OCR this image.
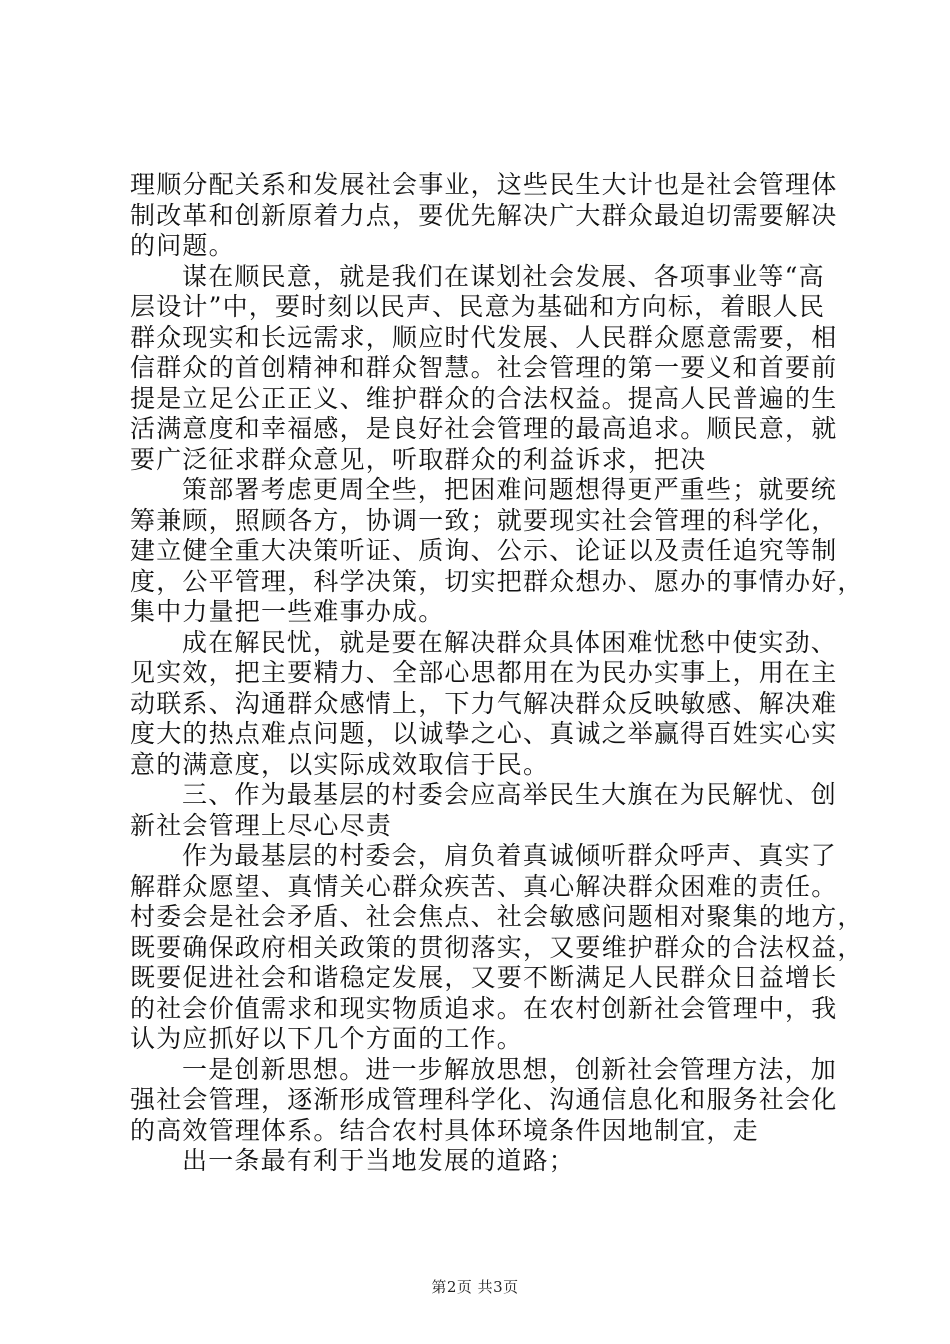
理顺分配关系和发展社会事业，这些民生大计也是社会管理体
制改革和创新原着力点，要优先解决广大群众最迫切需要解决
的问题。

谋在顺民意，就是我们在谋划社会发展、各项事业等“高
层设计”中，要时刻以民声、民意为基础和方向标，着眼人民
群众现实和长远需求，顺应时代发展、人民群众愿意需要，相
信群众的首创精神和群众智慧。社会管理的第一要义和首要前
提是立足公正正义、维护群众的合法权益。提高人民普遍的生
活满意度和幸福感，是良好社会管理的最高追求。顺民意，就
要广泛征求群众意见，听取群众的利益诉求，把决

策部署考虑更周全些，把困难问题想得更严重些；就要统
筹兼顾，照顾各方，协调一致；就要现实社会管理的科学化，
建立健全重大决策听证、质询、公示、论证以及责任追究等制
度，公平管理，科学决策，切实把群众想办、愿办的事情办好，
集中力量把一些难事办成。

成在解民忧，就是要在解决群众具体困难忧愁中使实劲、
见实效，把主要精力、全部心思都用在为民办实事上，用在主
动联系、沟通群众感情上，下力气解决群众反映敏感、解决难
度大的热点难点问题，以诚挚之心、真诚之举赢得百姓实心实
意的满意度，以实际成效取信于民。

三、作为最基层的村委会应高举民生大旗在为民解忧、创
新社会管理上尽心尽责

作为最基层的村委会，肩负着真诚倾听群众呼声、真实了
解群众愿望、真情关心群众疾苦、真心解决群众困难的责任。
村委会是社会矛盾、社会焦点、社会敏感问题相对聚集的地方，
既要确保政府相关政策的贯彻落实，又要维护群众的合法权益，
既要促进社会和谐稳定发展，又要不断满足人民群众日益增长
的社会价值需求和现实物质追求。在农村创新社会管理中，我
认为应抓好以下几个方面的工作。

一是创新思想。进一步解放思想，创新社会管理方法，加
强社会管理，逐渐形成管理科学化、沟通信息化和服务社会化
的高效管理体系。结合农村具体环境条件因地制宜，走

出一条最有利于当地发展的道路；

第2页 共3页
